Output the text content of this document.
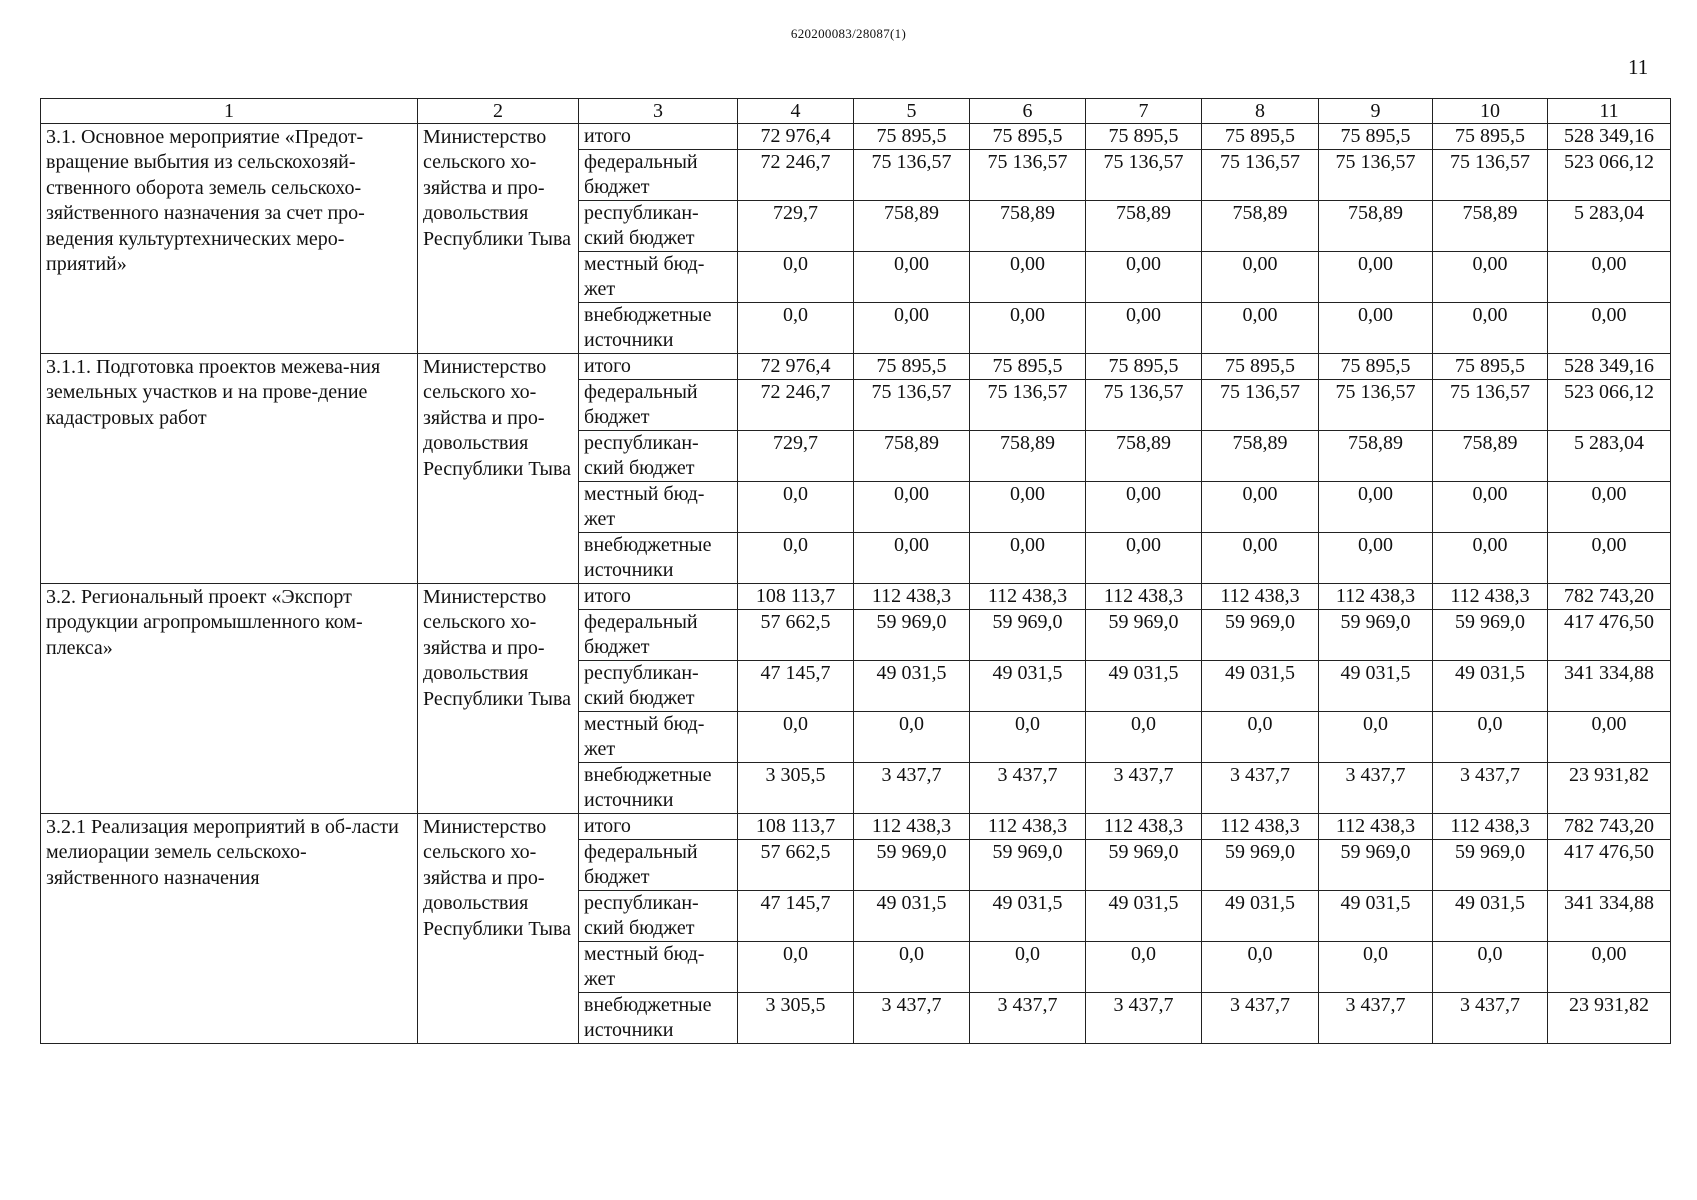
620200083/28087(1)
11
1	2	3	4	5	6	7	8	9	10	11
3.1. Основное мероприятие «Предот-вращение выбытия из сельскохозяй-ственного оборота земель сельскохо-зяйственного назначения за счет про-ведения культуртехнических меро-приятий»	Министерство сельского хо-зяйства и про-довольствия Республики Тыва	итого	72 976,4	75 895,5	75 895,5	75 895,5	75 895,5	75 895,5	75 895,5	528 349,16
		федеральный бюджет	72 246,7	75 136,57	75 136,57	75 136,57	75 136,57	75 136,57	75 136,57	523 066,12
		республикан-ский бюджет	729,7	758,89	758,89	758,89	758,89	758,89	758,89	5 283,04
		местный бюд-жет	0,0	0,00	0,00	0,00	0,00	0,00	0,00	0,00
		внебюджетные источники	0,0	0,00	0,00	0,00	0,00	0,00	0,00	0,00
3.1.1. Подготовка проектов межева-ния земельных участков и на прове-дение кадастровых работ	Министерство сельского хо-зяйства и про-довольствия Республики Тыва	итого	72 976,4	75 895,5	75 895,5	75 895,5	75 895,5	75 895,5	75 895,5	528 349,16
		федеральный бюджет	72 246,7	75 136,57	75 136,57	75 136,57	75 136,57	75 136,57	75 136,57	523 066,12
		республикан-ский бюджет	729,7	758,89	758,89	758,89	758,89	758,89	758,89	5 283,04
		местный бюд-жет	0,0	0,00	0,00	0,00	0,00	0,00	0,00	0,00
		внебюджетные источники	0,0	0,00	0,00	0,00	0,00	0,00	0,00	0,00
3.2. Региональный проект «Экспорт продукции агропромышленного ком-плекса»	Министерство сельского хо-зяйства и про-довольствия Республики Тыва	итого	108 113,7	112 438,3	112 438,3	112 438,3	112 438,3	112 438,3	112 438,3	782 743,20
		федеральный бюджет	57 662,5	59 969,0	59 969,0	59 969,0	59 969,0	59 969,0	59 969,0	417 476,50
		республикан-ский бюджет	47 145,7	49 031,5	49 031,5	49 031,5	49 031,5	49 031,5	49 031,5	341 334,88
		местный бюд-жет	0,0	0,0	0,0	0,0	0,0	0,0	0,0	0,00
		внебюджетные источники	3 305,5	3 437,7	3 437,7	3 437,7	3 437,7	3 437,7	3 437,7	23 931,82
3.2.1 Реализация мероприятий в об-ласти мелиорации земель сельскохо-зяйственного назначения	Министерство сельского хо-зяйства и про-довольствия Республики Тыва	итого	108 113,7	112 438,3	112 438,3	112 438,3	112 438,3	112 438,3	112 438,3	782 743,20
		федеральный бюджет	57 662,5	59 969,0	59 969,0	59 969,0	59 969,0	59 969,0	59 969,0	417 476,50
		республикан-ский бюджет	47 145,7	49 031,5	49 031,5	49 031,5	49 031,5	49 031,5	49 031,5	341 334,88
		местный бюд-жет	0,0	0,0	0,0	0,0	0,0	0,0	0,0	0,00
		внебюджетные источники	3 305,5	3 437,7	3 437,7	3 437,7	3 437,7	3 437,7	3 437,7	23 931,82
